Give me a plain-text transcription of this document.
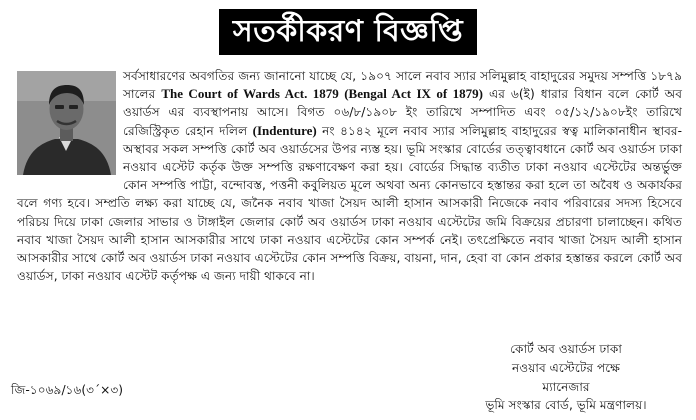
সতর্কীকরণ বিজ্ঞপ্তি

সর্বসাধারণের অবগতির জন্য জানানো যাচ্ছে যে, ১৯০৭ সালে নবাব স্যার সলিমুল্লাহ বাহাদুরের সমুদয় সম্পত্তি ১৮৭৯ সালের The Court of Wards Act. 1879 (Bengal Act IX of 1879) এর ৬(ই) ধারার বিধান বলে কোর্ট অব ওয়ার্ডস এর ব্যবস্থাপনায় আসে। বিগত ০৬/৮/১৯০৮ ইং তারিখে সম্পাদিত এবং ০৫/১২/১৯০৮ইং তারিখে রেজিস্ট্রিকৃত রেহান দলিল (Indenture) নং ৪১৪২ মূলে নবাব স্যার সলিমুল্লাহ বাহাদুরের স্বত্ব মালিকানাধীন স্থাবর-অস্থাবর সকল সম্পত্তি কোর্ট অব ওয়ার্ডসের উপর ন্যস্ত হয়। ভূমি সংস্কার বোর্ডের তত্ত্বাবধানে কোর্ট অব ওয়ার্ডস ঢাকা নওয়াব এস্টেট কর্তৃক উক্ত সম্পত্তি রক্ষণাবেক্ষণ করা হয়। বোর্ডের সিদ্ধান্ত ব্যতীত ঢাকা নওয়াব এস্টেটের অন্তর্ভুক্ত কোন সম্পত্তি পাট্টা, বন্দোবস্ত, পত্তনী কবুলিয়ত মূলে অথবা অন্য কোনভাবে হস্তান্তর করা হলে তা অবৈধ ও অকার্যকর বলে গণ্য হবে। সম্প্রতি লক্ষ্য করা যাচ্ছে যে, জনৈক নবাব খাজা সৈয়দ আলী হাসান আসকারী নিজেকে নবাব পরিবারের সদস্য হিসেবে পরিচয় দিয়ে ঢাকা জেলার সাভার ও টাঙ্গাইল জেলার কোর্ট অব ওয়ার্ডস ঢাকা নওয়াব এস্টেটের জমি বিক্রয়ের প্রচারণা চালাচ্ছেন। কথিত নবাব খাজা সৈয়দ আলী হাসান আসকারীর সাথে ঢাকা নওয়াব এস্টেটের কোন সম্পর্ক নেই। তৎপ্রেক্ষিতে নবাব খাজা সৈয়দ আলী হাসান আসকারীর সাথে কোর্ট অব ওয়ার্ডস ঢাকা নওয়াব এস্টেটের কোন সম্পত্তি বিক্রয়, বায়না, দান, হেবা বা কোন প্রকার হস্তান্তর করলে কোর্ট অব ওয়ার্ডস, ঢাকা নওয়াব এস্টেট কর্তৃপক্ষ এ জন্য দায়ী থাকবে না।

কোর্ট অব ওয়ার্ডস ঢাকা
নওয়াব এস্টেটের পক্ষে
ম্যানেজার
ভূমি সংস্কার বোর্ড, ভূমি মন্ত্রণালয়।
জি-১০৬৯/১৬(৩´×৩)
